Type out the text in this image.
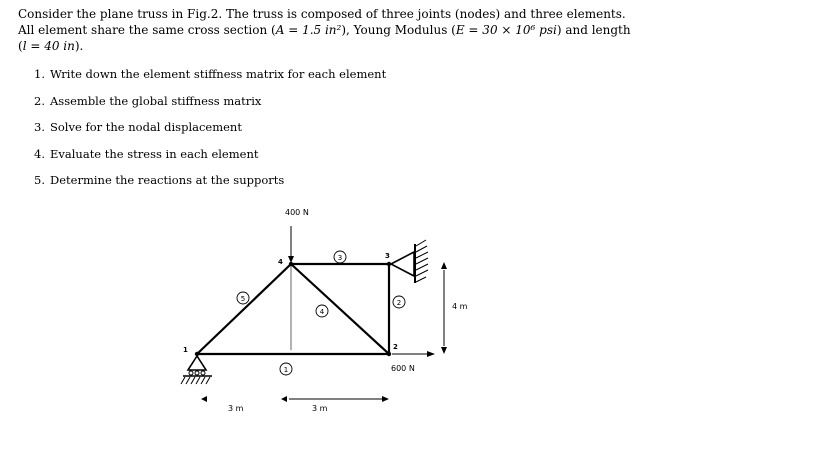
Consider the plane truss in Fig.2. The truss is composed of three joints (nodes) and three elements.

All element share the same cross section (A = 1.5 in²), Young Modulus (E = 30 × 10⁶ psi) and length

(l = 40 in).

1. Write down the element stiffness matrix for each element
2. Assemble the global stiffness matrix
3. Solve for the nodal displacement
4. Evaluate the stress in each element
5. Determine the reactions at the supports
400 N
600 N
1	2
3
4
1
2
3
4
5
3 m	3 m
4 m
